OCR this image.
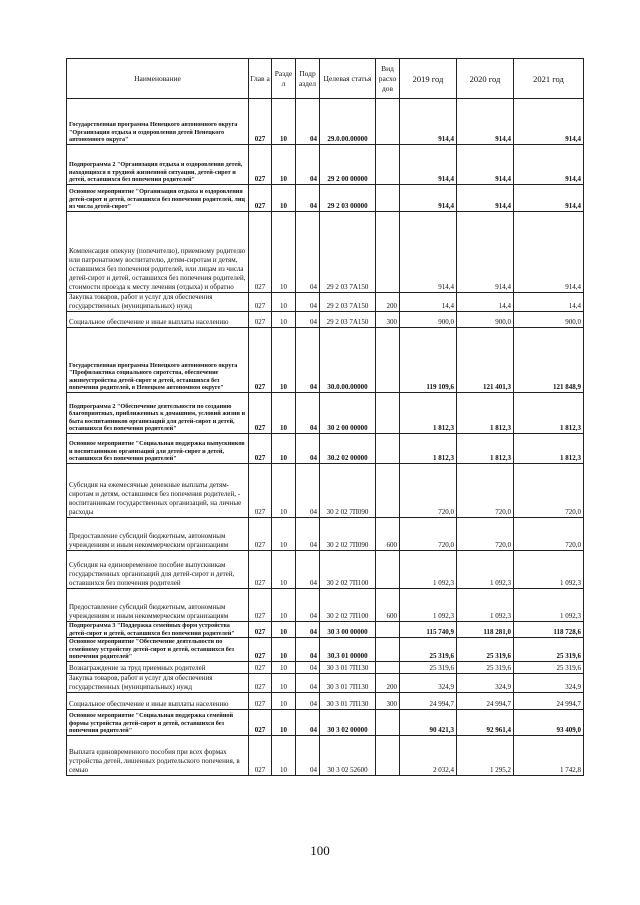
Наименование	Глав а	Разде л	Подр аздел	Целевая статья	Вид расхо дов	2019 год	2020 год	2021 год
Государственная программа Ненецкого автономного округа "Организация отдыха и оздоровления детей Ненецкого автономного округа"	027	10	04	29.0.00.00000		914,4	914,4	914,4
Подпрограмма 2 "Организация отдыха и оздоровления детей, находящихся в трудной жизненной ситуации, детей-сирот и детей, оставшихся без попечения родителей"	027	10	04	29 2 00 00000		914,4	914,4	914,4
Основное мероприятие "Организация отдыха и оздоровления детей-сирот и детей, оставшихся без попечения родителей, лиц из числа детей-сирот"	027	10	04	29 2 03 00000		914,4	914,4	914,4
Компенсация опекуну (попечителю), приемному родителю или патронатному воспитателю, детям-сиротам и детям, оставшимся без попечения родителей, или лицам из числа детей-сирот и детей, оставшихся без попечения родителей, стоимости проезда к месту лечения (отдыха) и обратно	027	10	04	29 2 03 7А150		914,4	914,4	914,4
Закупка товаров, работ и услуг для обеспечения государственных (муниципальных) нужд	027	10	04	29 2 03 7А150	200	14,4	14,4	14,4
Социальное обеспечение и иные выплаты населению	027	10	04	29 2 03 7А150	300	900,0	900,0	900,0
Государственная программа Ненецкого автономного округа "Профилактика социального сиротства, обеспечение жизнеустройства детей-сирот и детей, оставшихся без попечения родителей, в Ненецком автономном округе"	027	10	04	30.0.00.00000		119 109,6	121 401,3	121 848,9
Подпрограмма 2 "Обеспечение деятельности по созданию благоприятных, приближенных к домашним, условий жизни и быта воспитанников организаций для детей-сирот и детей, оставшихся без попечения родителей"	027	10	04	30 2 00 00000		1 812,3	1 812,3	1 812,3
Основное мероприятие "Социальная поддержка выпускников и воспитанников организаций для детей-сирот и детей, оставшихся без попечения родителей"	027	10	04	30.2 02 00000		1 812,3	1 812,3	1 812,3
Субсидия на ежемесячные денежные выплаты детям-сиротам и детям, оставшимся без попечения родителей, - воспитанникам государственных организаций, на личные расходы	027	10	04	30 2 02 7П090		720,0	720,0	720,0
Предоставление субсидий бюджетным, автономным учреждениям и иным некоммерческим организациям	027	10	04	30 2 02 7П090	600	720,0	720,0	720,0
Субсидия на единовременное пособие выпускникам государственных организаций для детей-сирот и детей, оставшихся без попечения родителей	027	10	04	30 2 02 7П100		1 092,3	1 092,3	1 092,3
Предоставление субсидий бюджетным, автономным учреждениям и иным некоммерческим организациям	027	10	04	30 2 02 7П100	600	1 092,3	1 092,3	1 092,3
Подпрограмма 3 "Поддержка семейных форм устройства детей-сирот и детей, оставшихся без попечения родителей"	027	10	04	30 3 00 00000		115 740,9	118 281,0	118 728,6
Основное мероприятие "Обеспечение деятельности по семейному устройству детей-сирот и детей, оставшихся без попечения родителей"	027	10	04	30.3 01 00000		25 319,6	25 319,6	25 319,6
Вознаграждение за труд приемных родителей	027	10	04	30 3 01 7П130		25 319,6	25 319,6	25 319,6
Закупка товаров, работ и услуг для обеспечения государственных (муниципальных) нужд	027	10	04	30 3 01 7П130	200	324,9	324,9	324,9
Социальное обеспечение и иные выплаты населению	027	10	04	30 3 01 7П130	300	24 994,7	24 994,7	24 994,7
Основное мероприятие "Социальная поддержка семейной формы устройства детей-сирот и детей, оставшихся без попечения родителей"	027	10	04	30 3 02 00000		90 421,3	92 961,4	93 409,0
Выплата единовременного пособия при всех формах устройства детей, лишенных родительского попечения, в семью	027	10	04	30 3 02 52600		2 032,4	1 295,2	1 742,8
100
